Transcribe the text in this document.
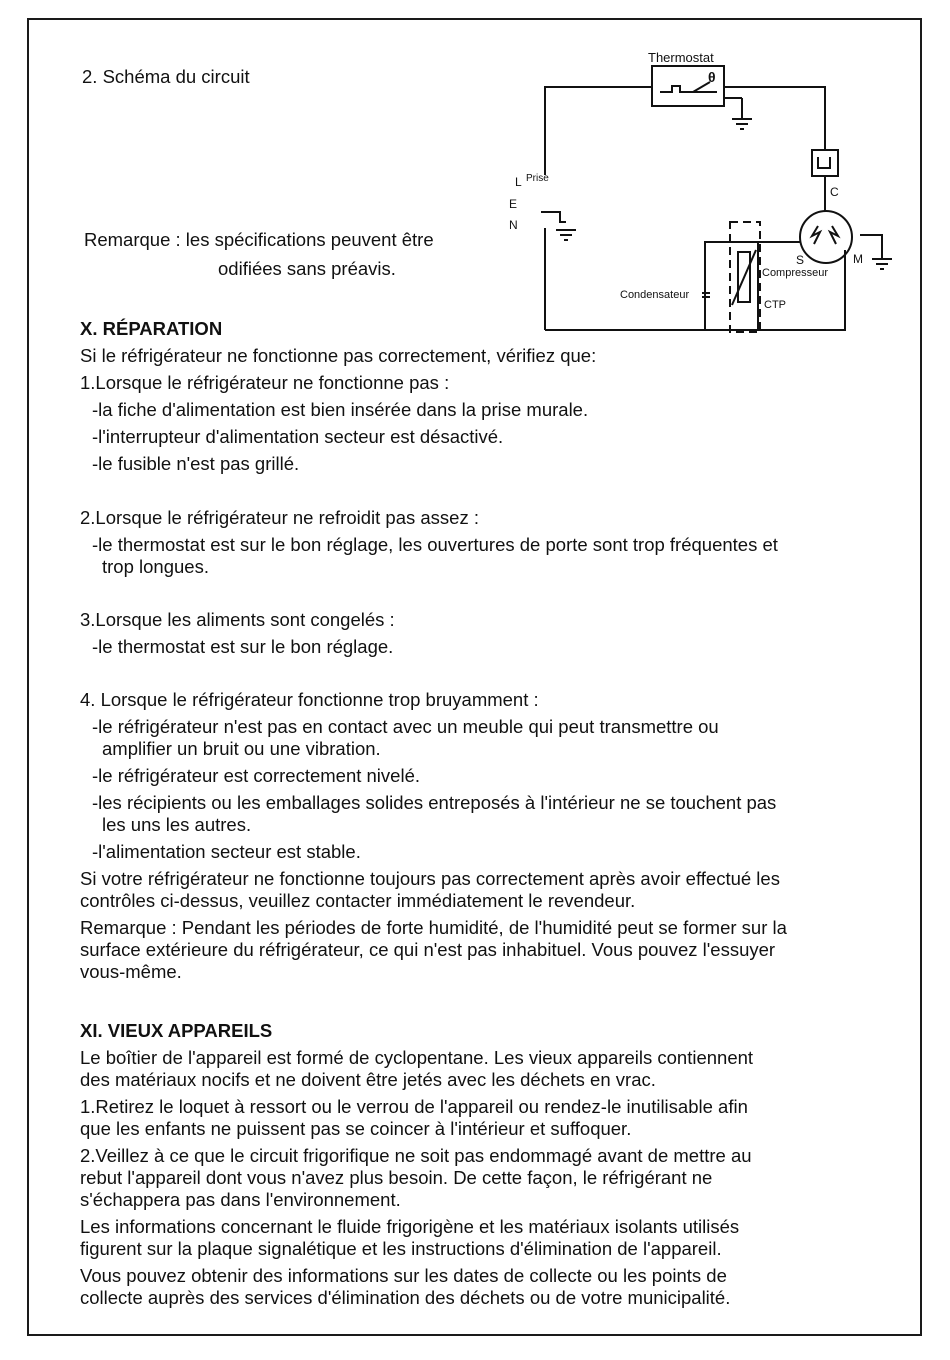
2. Schéma du circuit
Remarque : les spécifications peuvent être
odifiées sans préavis.
Thermostat
θ
L Prise
E
N
C
S	M
Compresseur
Condensateur
CTP
X. RÉPARATION
Si le réfrigérateur ne fonctionne pas correctement, vérifiez que:
1.Lorsque le réfrigérateur ne fonctionne pas :
-la fiche d'alimentation est bien insérée dans la prise murale.
-l'interrupteur d'alimentation secteur est désactivé.
-le fusible n'est pas grillé.
2.Lorsque le réfrigérateur ne refroidit pas assez :
-le thermostat est sur le bon réglage, les ouvertures de porte sont trop fréquentes et
trop longues.
3.Lorsque les aliments sont congelés :
-le thermostat est sur le bon réglage.
4. Lorsque le réfrigérateur fonctionne trop bruyamment :
-le réfrigérateur n'est pas en contact avec un meuble qui peut transmettre ou
amplifier un bruit ou une vibration.
-le réfrigérateur est correctement nivelé.
-les récipients ou les emballages solides entreposés à l'intérieur ne se touchent pas
les uns les autres.
-l'alimentation secteur est stable.
Si votre réfrigérateur ne fonctionne toujours pas correctement après avoir effectué les
contrôles ci-dessus, veuillez contacter immédiatement le revendeur.
Remarque : Pendant les périodes de forte humidité, de l'humidité peut se former sur la
surface extérieure du réfrigérateur, ce qui n'est pas inhabituel. Vous pouvez l'essuyer
vous-même.
XI. VIEUX APPAREILS
Le boîtier de l'appareil est formé de cyclopentane. Les vieux appareils contiennent
des matériaux nocifs et ne doivent être jetés avec les déchets en vrac.
1.Retirez le loquet à ressort ou le verrou de l'appareil ou rendez-le inutilisable afin
que les enfants ne puissent pas se coincer à l'intérieur et suffoquer.
2.Veillez à ce que le circuit frigorifique ne soit pas endommagé avant de mettre au
rebut l'appareil dont vous n'avez plus besoin. De cette façon, le réfrigérant ne
s'échappera pas dans l'environnement.
Les informations concernant le fluide frigorigène et les matériaux isolants utilisés
figurent sur la plaque signalétique et les instructions d'élimination de l'appareil.
Vous pouvez obtenir des informations sur les dates de collecte ou les points de
collecte auprès des services d'élimination des déchets ou de votre municipalité.
